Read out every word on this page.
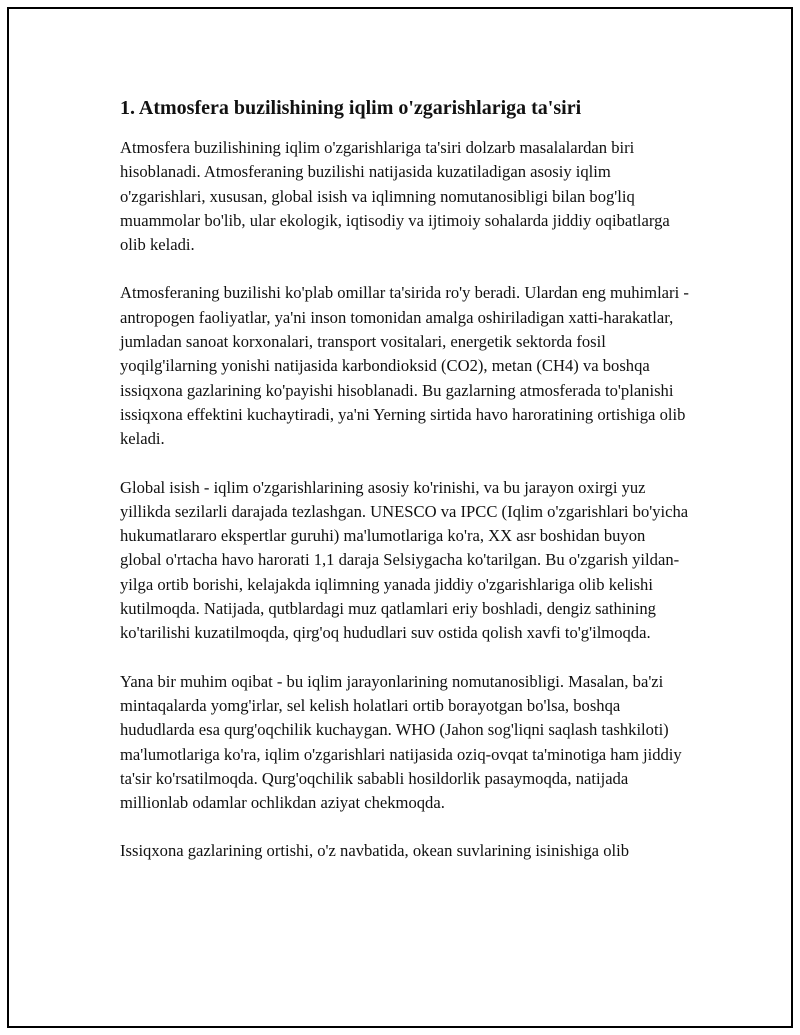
1. Atmosfera buzilishining iqlim o'zgarishlariga ta'siri

Atmosfera buzilishining iqlim o'zgarishlariga ta'siri dolzarb masalalardan biri hisoblanadi. Atmosferaning buzilishi natijasida kuzatiladigan asosiy iqlim o'zgarishlari, xususan, global isish va iqlimning nomutanosibligi bilan bog'liq muammolar bo'lib, ular ekologik, iqtisodiy va ijtimoiy sohalarda jiddiy oqibatlarga olib keladi.

Atmosferaning buzilishi ko'plab omillar ta'sirida ro'y beradi. Ulardan eng muhimlari - antropogen faoliyatlar, ya'ni inson tomonidan amalga oshiriladigan xatti-harakatlar, jumladan sanoat korxonalari, transport vositalari, energetik sektorda fosil yoqilg'ilarning yonishi natijasida karbondioksid (CO2), metan (CH4) va boshqa issiqxona gazlarining ko'payishi hisoblanadi. Bu gazlarning atmosferada to'planishi issiqxona effektini kuchaytiradi, ya'ni Yerning sirtida havo haroratining ortishiga olib keladi.

Global isish - iqlim o'zgarishlarining asosiy ko'rinishi, va bu jarayon oxirgi yuz yillikda sezilarli darajada tezlashgan. UNESCO va IPCC (Iqlim o'zgarishlari bo'yicha hukumatlararo ekspertlar guruhi) ma'lumotlariga ko'ra, XX asr boshidan buyon global o'rtacha havo harorati 1,1 daraja Selsiygacha ko'tarilgan. Bu o'zgarish yildan-yilga ortib borishi, kelajakda iqlimning yanada jiddiy o'zgarishlariga olib kelishi kutilmoqda. Natijada, qutblardagi muz qatlamlari eriy boshladi, dengiz sathining ko'tarilishi kuzatilmoqda, qirg'oq hududlari suv ostida qolish xavfi to'g'ilmoqda.

Yana bir muhim oqibat - bu iqlim jarayonlarining nomutanosibligi. Masalan, ba'zi mintaqalarda yomg'irlar, sel kelish holatlari ortib borayotgan bo'lsa, boshqa hududlarda esa qurg'oqchilik kuchaygan. WHO (Jahon sog'liqni saqlash tashkiloti) ma'lumotlariga ko'ra, iqlim o'zgarishlari natijasida oziq-ovqat ta'minotiga ham jiddiy ta'sir ko'rsatilmoqda. Qurg'oqchilik sababli hosildorlik pasaymoqda, natijada millionlab odamlar ochlikdan aziyat chekmoqda.

Issiqxona gazlarining ortishi, o'z navbatida, okean suvlarining isinishiga olib
